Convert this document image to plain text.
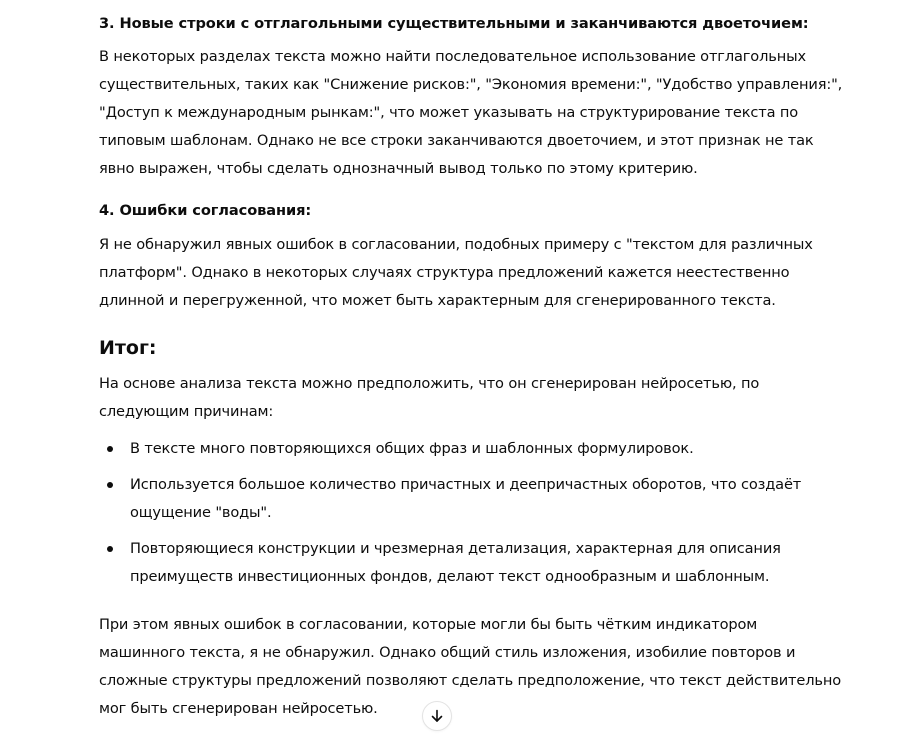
3. Новые строки с отглагольными существительными и заканчиваются двоеточием:
В некоторых разделах текста можно найти последовательное использование отглагольных
существительных, таких как "Снижение рисков:", "Экономия времени:", "Удобство управления:",
"Доступ к международным рынкам:", что может указывать на структурирование текста по
типовым шаблонам. Однако не все строки заканчиваются двоеточием, и этот признак не так
явно выражен, чтобы сделать однозначный вывод только по этому критерию.
4. Ошибки согласования:
Я не обнаружил явных ошибок в согласовании, подобных примеру с "текстом для различных
платформ". Однако в некоторых случаях структура предложений кажется неестественно
длинной и перегруженной, что может быть характерным для сгенерированного текста.
Итог:
На основе анализа текста можно предположить, что он сгенерирован нейросетью, по
следующим причинам:
В тексте много повторяющихся общих фраз и шаблонных формулировок.
Используется большое количество причастных и деепричастных оборотов, что создаёт
ощущение "воды".
Повторяющиеся конструкции и чрезмерная детализация, характерная для описания
преимуществ инвестиционных фондов, делают текст однообразным и шаблонным.
При этом явных ошибок в согласовании, которые могли бы быть чётким индикатором
машинного текста, я не обнаружил. Однако общий стиль изложения, изобилие повторов и
сложные структуры предложений позволяют сделать предположение, что текст действительно
мог быть сгенерирован нейросетью.
